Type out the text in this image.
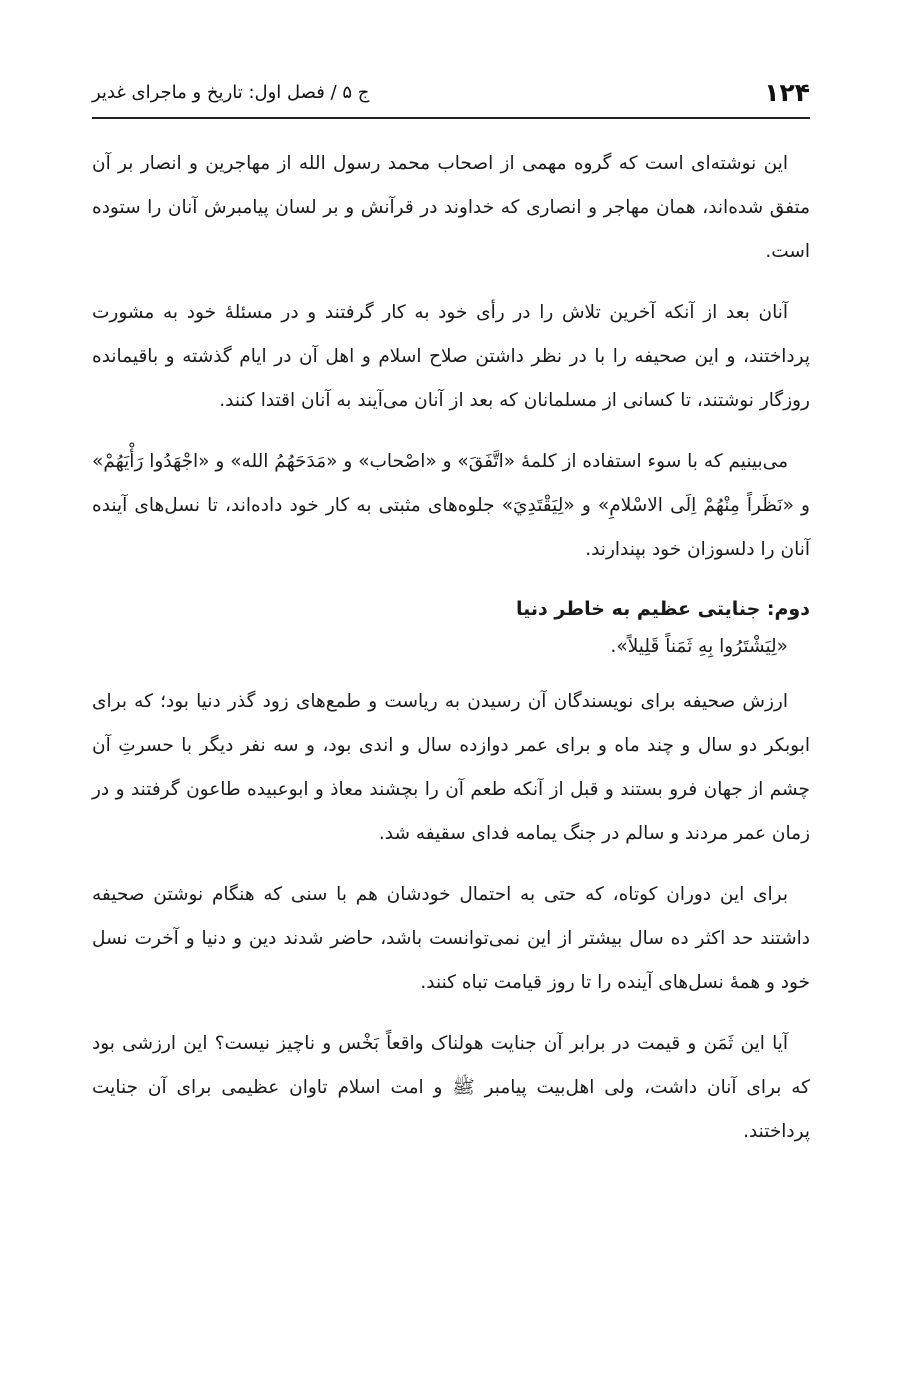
۱۲۴
ج ۵ / فصل اول: تاریخ و ماجرای غدیر

این نوشته‌ای است که گروه مهمی از اصحاب محمد رسول الله از مهاجرین و انصار بر آن متفق شده‌اند، همان مهاجر و انصاری که خداوند در قرآنش و بر لسان پیامبرش آنان را ستوده است.

آنان بعد از آنکه آخرین تلاش را در رأی خود به کار گرفتند و در مسئلهٔ خود به مشورت پرداختند، و این صحیفه را با در نظر داشتن صلاح اسلام و اهل آن در ایام گذشته و باقیمانده روزگار نوشتند، تا کسانی از مسلمانان که بعد از آنان می‌آیند به آنان اقتدا کنند.

می‌بینیم که با سوء استفاده از کلمهٔ «اتَّفَقَ» و «اصْحاب» و «مَدَحَهُمُ الله» و «اجْهَدُوا رَأْيَهُمْ» و «نَظَراً مِنْهُمْ اِلَى الاسْلامِ» و «لِيَقْتَدِيَ» جلوه‌های مثبتی به کار خود داده‌اند، تا نسل‌های آینده آنان را دلسوزان خود بپندارند.

دوم: جنایتی عظیم به خاطر دنیا

«لِيَشْتَرُوا بِهِ ثَمَناً قَلِيلاً».

ارزش صحیفه برای نویسندگان آن رسیدن به ریاست و طمع‌های زود گذر دنیا بود؛ که برای ابوبکر دو سال و چند ماه و برای عمر دوازده سال و اندی بود، و سه نفر دیگر با حسرتِ آن چشم از جهان فرو بستند و قبل از آنکه طعم آن را بچشند معاذ و ابوعبیده طاعون گرفتند و در زمان عمر مردند و سالم در جنگ یمامه فدای سقیفه شد.

برای این دوران کوتاه، که حتی به احتمال خودشان هم با سنی که هنگام نوشتن صحیفه داشتند حد اکثر ده سال بیشتر از این نمی‌توانست باشد، حاضر شدند دین و دنیا و آخرت نسل خود و همهٔ نسل‌های آینده را تا روز قیامت تباه کنند.

آیا این ثَمَن و قیمت در برابر آن جنایت هولناک واقعاً بَخْس و ناچیز نیست؟ این ارزشی بود که برای آنان داشت، ولی اهل‌بیت پیامبر ﷺ و امت اسلام تاوان عظیمی برای آن جنایت پرداختند.
